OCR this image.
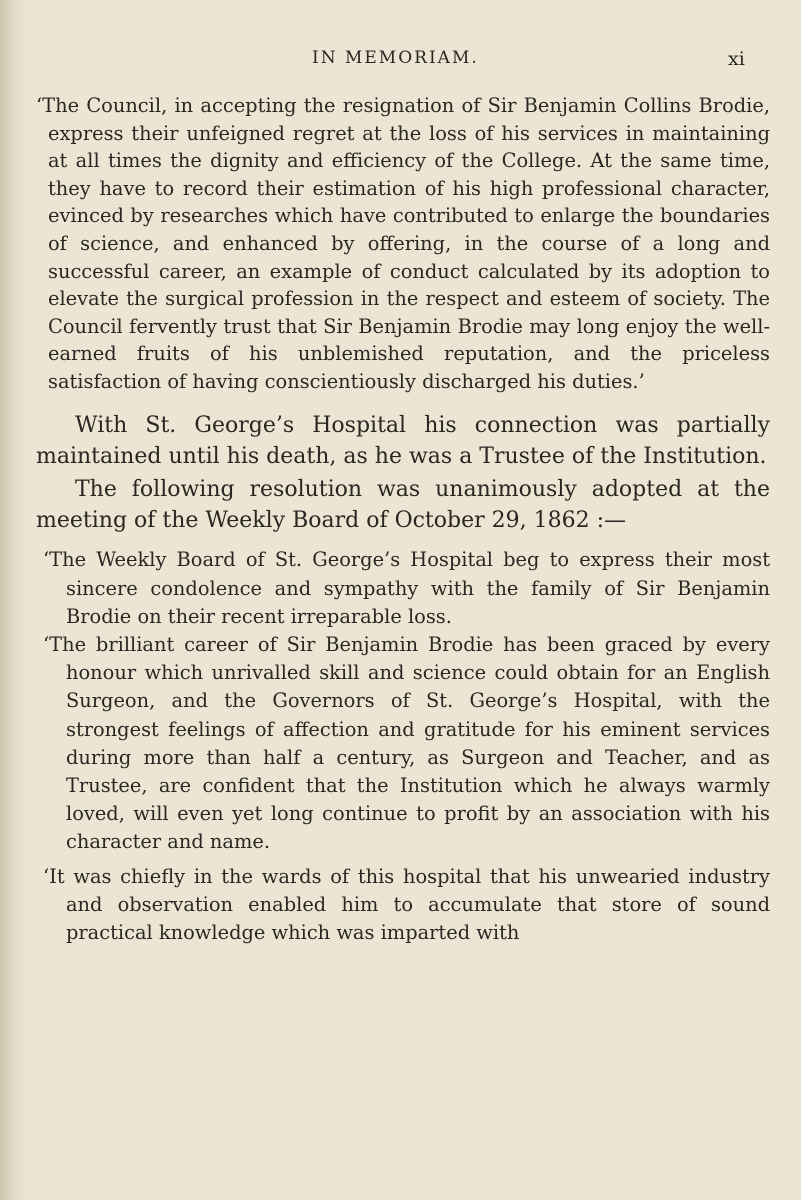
IN MEMORIAM.	xi

‘The Council, in accepting the resignation of Sir Benjamin Collins Brodie, express their unfeigned regret at the loss of his services in maintaining at all times the dignity and efficiency of the College. At the same time, they have to record their estimation of his high professional character, evinced by researches which have contributed to enlarge the boundaries of science, and enhanced by offering, in the course of a long and successful career, an example of conduct calculated by its adoption to elevate the surgical profession in the respect and esteem of society. The Council fervently trust that Sir Benjamin Brodie may long enjoy the well-earned fruits of his unblemished reputation, and the priceless satisfaction of having conscientiously discharged his duties.’

With St. George’s Hospital his connection was partially maintained until his death, as he was a Trustee of the Institution.

The following resolution was unanimously adopted at the meeting of the Weekly Board of October 29, 1862 :—

‘The Weekly Board of St. George’s Hospital beg to express their most sincere condolence and sympathy with the family of Sir Benjamin Brodie on their recent irreparable loss.

‘The brilliant career of Sir Benjamin Brodie has been graced by every honour which unrivalled skill and science could obtain for an English Surgeon, and the Governors of St. George’s Hospital, with the strongest feelings of affection and gratitude for his eminent services during more than half a century, as Surgeon and Teacher, and as Trustee, are confident that the Institution which he always warmly loved, will even yet long continue to profit by an association with his character and name.

‘It was chiefly in the wards of this hospital that his unwearied industry and observation enabled him to accumulate that store of sound practical knowledge which was imparted with
